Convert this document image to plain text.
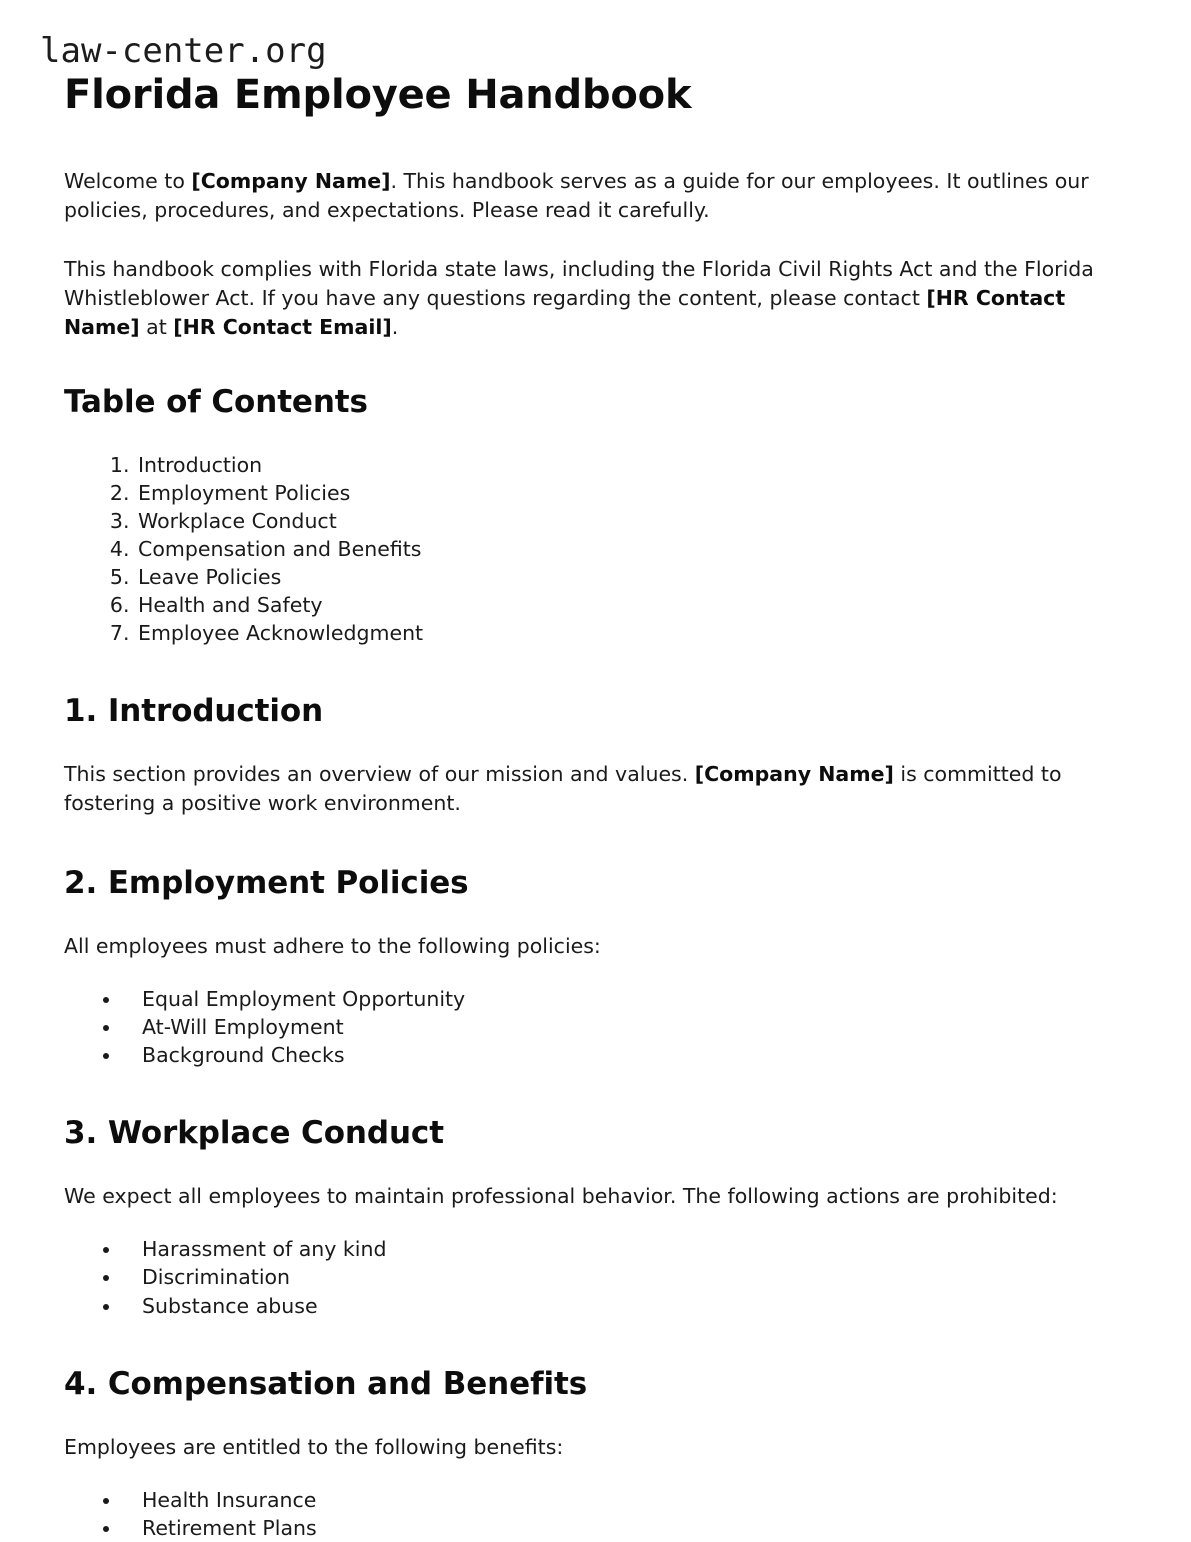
law-center.org
Florida Employee Handbook

Welcome to [Company Name]. This handbook serves as a guide for our employees. It outlines our policies, procedures, and expectations. Please read it carefully.

This handbook complies with Florida state laws, including the Florida Civil Rights Act and the Florida Whistleblower Act. If you have any questions regarding the content, please contact [HR Contact Name] at [HR Contact Email].

Table of Contents
1. Introduction
2. Employment Policies
3. Workplace Conduct
4. Compensation and Benefits
5. Leave Policies
6. Health and Safety
7. Employee Acknowledgment
1. Introduction

This section provides an overview of our mission and values. [Company Name] is committed to fostering a positive work environment.

2. Employment Policies

All employees must adhere to the following policies:

• Equal Employment Opportunity
• At-Will Employment
• Background Checks
3. Workplace Conduct

We expect all employees to maintain professional behavior. The following actions are prohibited:

• Harassment of any kind
• Discrimination
• Substance abuse
4. Compensation and Benefits

Employees are entitled to the following benefits:

• Health Insurance
• Retirement Plans
